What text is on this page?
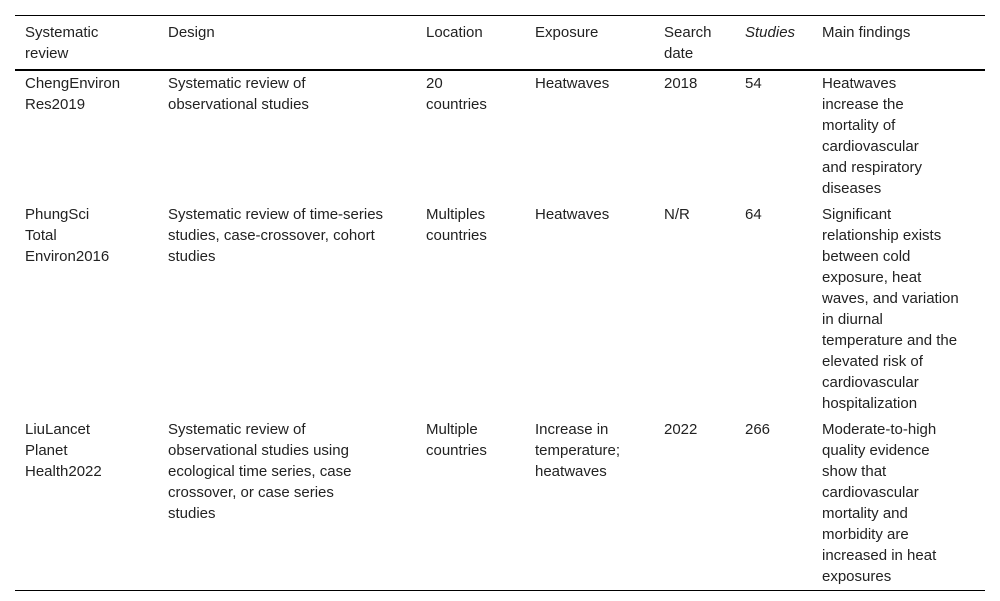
Systematic review	Design	Location	Exposure	Search date	Studies	Main findings
ChengEnviron Res2019	Systematic review of observational studies	20 countries	Heatwaves	2018	54	Heatwaves increase the mortality of cardiovascular and respiratory diseases
PhungSci Total Environ2016	Systematic review of time-series studies, case-crossover, cohort studies	Multiples countries	Heatwaves	N/R	64	Significant relationship exists between cold exposure, heat waves, and variation in diurnal temperature and the elevated risk of cardiovascular hospitalization
LiuLancet Planet Health2022	Systematic review of observational studies using ecological time series, case crossover, or case series studies	Multiple countries	Increase in temperature; heatwaves	2022	266	Moderate-to-high quality evidence show that cardiovascular mortality and morbidity are increased in heat exposures
